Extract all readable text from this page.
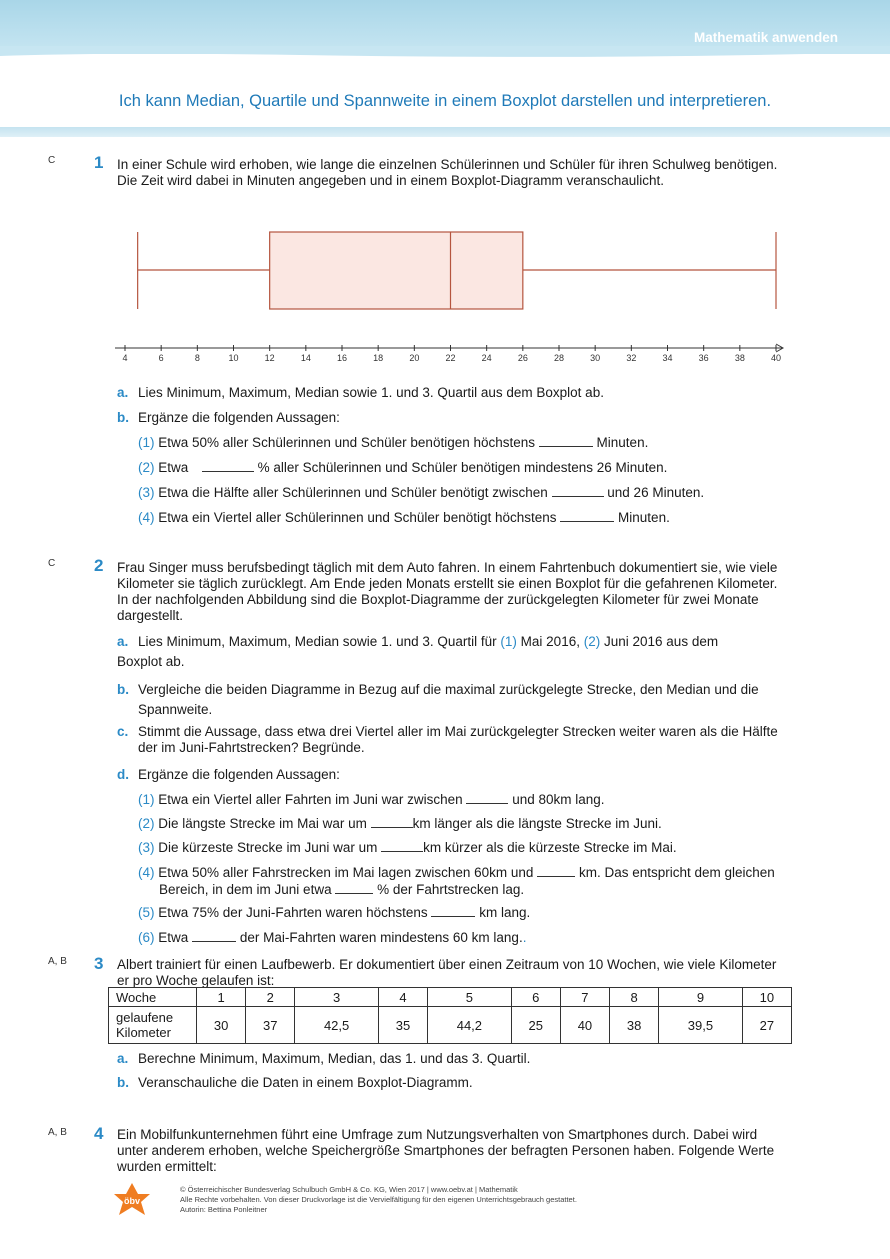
Mathematik anwenden
Ich kann Median, Quartile und Spannweite in einem Boxplot darstellen und interpretieren.
C 1 In einer Schule wird erhoben, wie lange die einzelnen Schülerinnen und Schüler für ihren Schulweg benötigen. Die Zeit wird dabei in Minuten angegeben und in einem Boxplot-Diagramm veranschaulicht.
4	6	8	10	12	14	16	18	20	22	24	26	28	30	32	34	36	38	40
a. Lies Minimum, Maximum, Median sowie 1. und 3. Quartil aus dem Boxplot ab.
b. Ergänze die folgenden Aussagen:
(1) Etwa 50% aller Schülerinnen und Schüler benötigen höchstens	Minuten.
(2) Etwa	% aller Schülerinnen und Schüler benötigen mindestens 26 Minuten.
(3) Etwa die Hälfte aller Schülerinnen und Schüler benötigt zwischen	und 26 Minuten.
(4) Etwa ein Viertel aller Schülerinnen und Schüler benötigt höchstens	Minuten.
C 2 Frau Singer muss berufsbedingt täglich mit dem Auto fahren. In einem Fahrtenbuch dokumentiert sie, wie viele Kilometer sie täglich zurücklegt. Am Ende jeden Monats erstellt sie einen Boxplot für die gefahrenen Kilometer. In der nachfolgenden Abbildung sind die Boxplot-Diagramme der zurückgelegten Kilometer für zwei Monate dargestellt.
a. Lies Minimum, Maximum, Median sowie 1. und 3. Quartil für (1) Mai 2016, (2) Juni 2016 aus dem Boxplot ab.
b. Vergleiche die beiden Diagramme in Bezug auf die maximal zurückgelegte Strecke, den Median und die Spannweite.
c. Stimmt die Aussage, dass etwa drei Viertel aller im Mai zurückgelegter Strecken weiter waren als die Hälfte der im Juni-Fahrtstrecken? Begründe.
d. Ergänze die folgenden Aussagen:
(1) Etwa ein Viertel aller Fahrten im Juni war zwischen	und 80km lang.
(2) Die längste Strecke im Mai war um	km länger als die längste Strecke im Juni.
(3) Die kürzeste Strecke im Juni war um	km kürzer als die kürzeste Strecke im Mai.
(4) Etwa 50% aller Fahrstrecken im Mai lagen zwischen 60km und	km. Das entspricht dem gleichen Bereich, in dem im Juni etwa	% der Fahrtstrecken lag.
(5) Etwa 75% der Juni-Fahrten waren höchstens	km lang.
(6) Etwa	der Mai-Fahrten waren mindestens 60 km lang..
A, B 3 Albert trainiert für einen Laufbewerb. Er dokumentiert über einen Zeitraum von 10 Wochen, wie viele Kilometer er pro Woche gelaufen ist:
Woche	1	2	3	4	5	6	7	8	9	10
gelaufene Kilometer	30	37	42,5	35	44,2	25	40	38	39,5	27
a. Berechne Minimum, Maximum, Median, das 1. und das 3. Quartil.
b. Veranschauliche die Daten in einem Boxplot-Diagramm.
A, B 4 Ein Mobilfunkunternehmen führt eine Umfrage zum Nutzungsverhalten von Smartphones durch. Dabei wird unter anderem erhoben, welche Speichergröße Smartphones der befragten Personen haben. Folgende Werte wurden ermittelt:
öbv
© Österreichischer Bundesverlag Schulbuch GmbH & Co. KG, Wien 2017 | www.oebv.at | Mathematik
Alle Rechte vorbehalten. Von dieser Druckvorlage ist die Vervielfältigung für den eigenen Unterrichtsgebrauch gestattet.
Autorin: Bettina Ponleitner
